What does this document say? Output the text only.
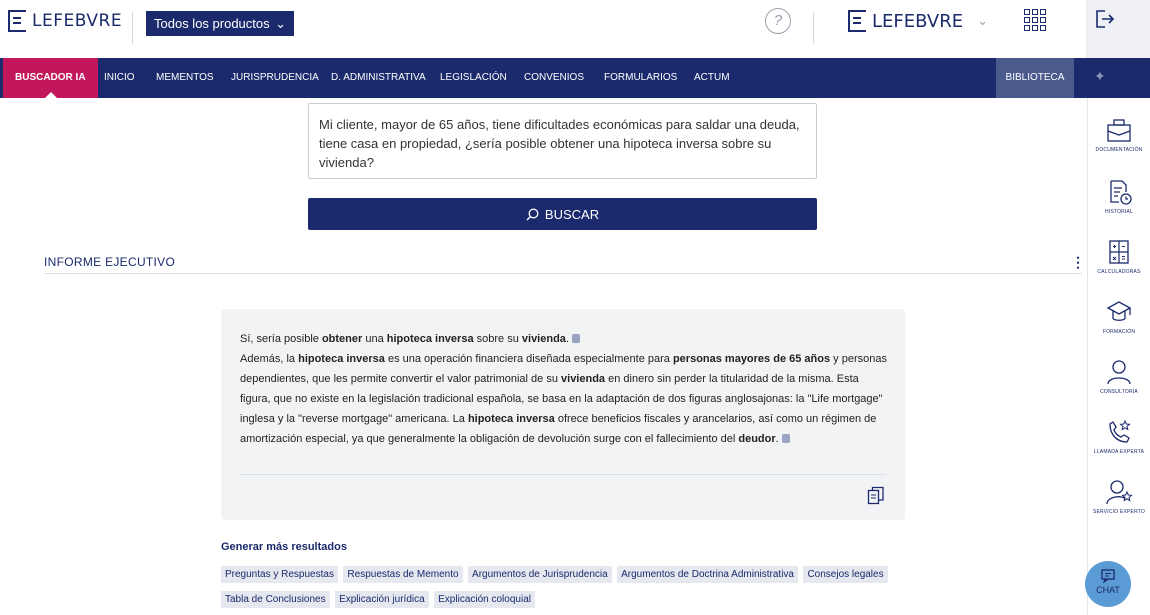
LEFEBVRE Todos los productos ⌄	?	LEFEBVRE ⌄
BUSCADOR IA	INICIO MEMENTOS JURISPRUDENCIA D. ADMINISTRATIVA LEGISLACIÓN CONVENIOS FORMULARIOS ACTUM	BIBLIOTECA	✦
DOCUMENTACIÓN
HISTORIAL
CALCULADORAS
FORMACIÓN
CONSULTORÍA
LLAMADA EXPERTA
SERVICIO EXPERTO
CHAT
Mi cliente, mayor de 65 años, tiene dificultades económicas para saldar una deuda, tiene casa en propiedad, ¿sería posible obtener una hipoteca inversa sobre su vivienda?
BUSCAR
INFORME EJECUTIVO	⋮
Sí, sería posible obtener una hipoteca inversa sobre su vivienda.
Además, la hipoteca inversa es una operación financiera diseñada especialmente para personas mayores de 65 años y personas dependientes, que les permite convertir el valor patrimonial de su vivienda en dinero sin perder la titularidad de la misma. Esta figura, que no existe en la legislación tradicional española, se basa en la adaptación de dos figuras anglosajonas: la "Life mortgage" inglesa y la "reverse mortgage" americana. La hipoteca inversa ofrece beneficios fiscales y arancelarios, así como un régimen de amortización especial, ya que generalmente la obligación de devolución surge con el fallecimiento del deudor.
Generar más resultados
Preguntas y Respuestas Respuestas de Memento Argumentos de Jurisprudencia Argumentos de Doctrina Administrativa Consejos legales Tabla de Conclusiones Explicación jurídica Explicación coloquial
